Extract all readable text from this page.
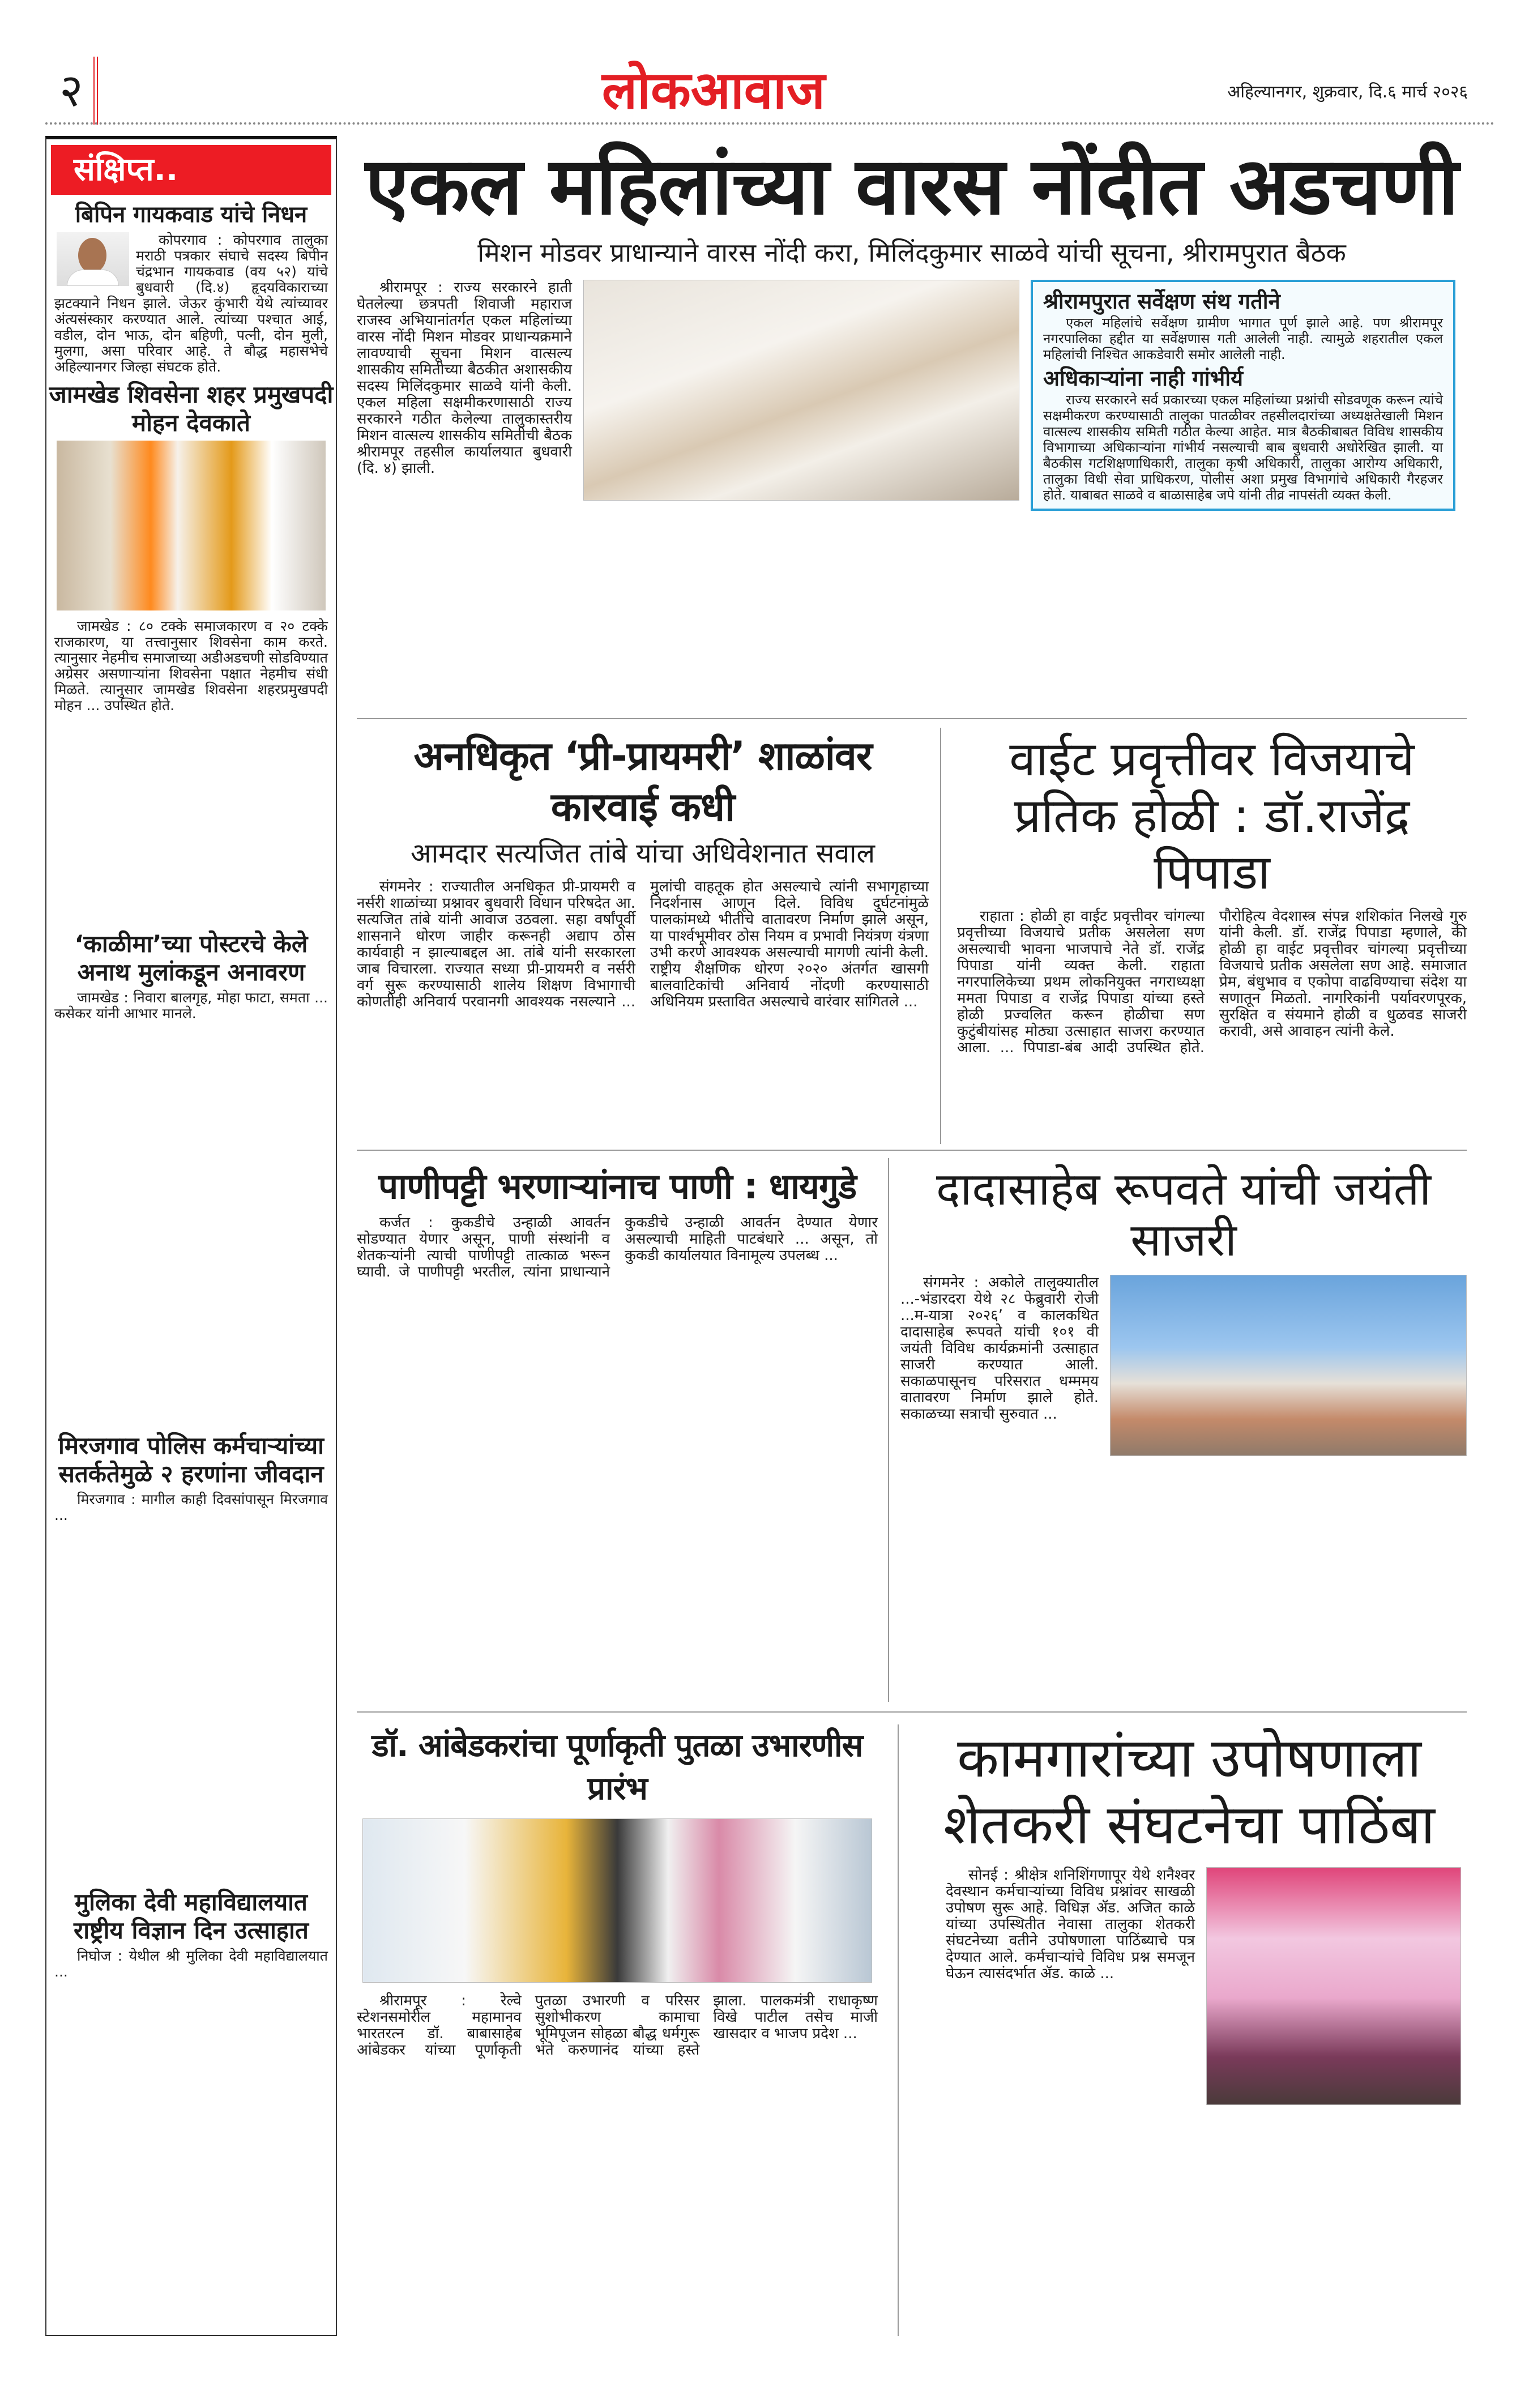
२	लोकआवाज	अहिल्यानगर, शुक्रवार, दि.६ मार्च २०२६
संक्षिप्त..
बिपिन गायकवाड यांचे निधन

कोपरगाव : कोपरगाव तालुका मराठी पत्रकार संघाचे सदस्य बिपीन चंद्रभान गायकवाड (वय ५२) यांचे बुधवारी (दि.४) हृदयविकाराच्या झटक्याने निधन झाले. जेऊर कुंभारी येथे त्यांच्यावर अंत्यसंस्कार करण्यात आले. त्यांच्या पश्चात आई, वडील, दोन भाऊ, दोन बहिणी, पत्नी, दोन मुली, मुलगा, असा परिवार आहे. ते बौद्ध महासभेचे अहिल्यानगर जिल्हा संघटक होते.

जामखेड शिवसेना शहर प्रमुखपदी मोहन देवकाते

जामखेड : ८० टक्के समाजकारण व २० टक्के राजकारण, या तत्त्वानुसार शिवसेना काम करते. त्यानुसार नेहमीच समाजाच्या अडीअडचणी सोडविण्यात अग्रेसर असणाऱ्यांना शिवसेना पक्षात नेहमीच संधी मिळते. त्यानुसार जामखेड शिवसेना शहरप्रमुखपदी मोहन ... उपस्थित होते.

‘काळीमा’च्या पोस्टरचे केले अनाथ मुलांकडून अनावरण

जामखेड : निवारा बालगृह, मोहा फाटा, समता ... कसेकर यांनी आभार मानले.

मिरजगाव पोलिस कर्मचाऱ्यांच्या सतर्कतेमुळे २ हरणांना जीवदान

मिरजगाव : मागील काही दिवसांपासून मिरजगाव ...

मुलिका देवी महाविद्यालयात राष्ट्रीय विज्ञान दिन उत्साहात

निघोज : येथील श्री मुलिका देवी महाविद्यालयात ...

एकल महिलांच्या वारस नोंदीत अडचणी
मिशन मोडवर प्राधान्याने वारस नोंदी करा, मिलिंदकुमार साळवे यांची सूचना, श्रीरामपुरात बैठक
श्रीरामपूर : राज्य सरकारने हाती घेतलेल्या छत्रपती शिवाजी महाराज राजस्व अभियानांतर्गत एकल महिलांच्या वारस नोंदी मिशन मोडवर प्राधान्यक्रमाने लावण्याची सूचना मिशन वात्सल्य शासकीय समितीच्या बैठकीत अशासकीय सदस्य मिलिंदकुमार साळवे यांनी केली. एकल महिला सक्षमीकरणासाठी राज्य सरकारने गठीत केलेल्या तालुकास्तरीय मिशन वात्सल्य शासकीय समितीची बैठक श्रीरामपूर तहसील कार्यालयात बुधवारी (दि. ४) झाली.
श्रीरामपुरात सर्वेक्षण संथ गतीने

एकल महिलांचे सर्वेक्षण ग्रामीण भागात पूर्ण झाले आहे. पण श्रीरामपूर नगरपालिका हद्दीत या सर्वेक्षणास गती आलेली नाही. त्यामुळे शहरातील एकल महिलांची निश्चित आकडेवारी समोर आलेली नाही.

अधिकाऱ्यांना नाही गांभीर्य

राज्य सरकारने सर्व प्रकारच्या एकल महिलांच्या प्रश्नांची सोडवणूक करून त्यांचे सक्षमीकरण करण्यासाठी तालुका पातळीवर तहसीलदारांच्या अध्यक्षतेखाली मिशन वात्सल्य शासकीय समिती गठीत केल्या आहेत. मात्र बैठकीबाबत विविध शासकीय विभागाच्या अधिकाऱ्यांना गांभीर्य नसल्याची बाब बुधवारी अधोरेखित झाली. या बैठकीस गटशिक्षणाधिकारी, तालुका कृषी अधिकारी, तालुका आरोग्य अधिकारी, तालुका विधी सेवा प्राधिकरण, पोलीस अशा प्रमुख विभागांचे अधिकारी गैरहजर होते. याबाबत साळवे व बाळासाहेब जपे यांनी तीव्र नापसंती व्यक्त केली.

अनधिकृत ‘प्री-प्रायमरी’ शाळांवर कारवाई कधी
आमदार सत्यजित तांबे यांचा अधिवेशनात सवाल
संगमनेर : राज्यातील अनधिकृत प्री-प्रायमरी व नर्सरी शाळांच्या प्रश्नावर बुधवारी विधान परिषदेत आ. सत्यजित तांबे यांनी आवाज उठवला. सहा वर्षांपूर्वी शासनाने धोरण जाहीर करूनही अद्याप ठोस कार्यवाही न झाल्याबद्दल आ. तांबे यांनी सरकारला जाब विचारला. राज्यात सध्या प्री-प्रायमरी व नर्सरी वर्ग सुरू करण्यासाठी शालेय शिक्षण विभागाची कोणतीही अनिवार्य परवानगी आवश्यक नसल्याने ... मुलांची वाहतूक होत असल्याचे त्यांनी सभागृहाच्या निदर्शनास आणून दिले. विविध दुर्घटनांमुळे पालकांमध्ये भीतीचे वातावरण निर्माण झाले असून, या पार्श्वभूमीवर ठोस नियम व प्रभावी नियंत्रण यंत्रणा उभी करणे आवश्यक असल्याची मागणी त्यांनी केली. राष्ट्रीय शैक्षणिक धोरण २०२० अंतर्गत खासगी बालवाटिकांची अनिवार्य नोंदणी करण्यासाठी अधिनियम प्रस्तावित असल्याचे वारंवार सांगितले ...
वाईट प्रवृत्तीवर विजयाचे प्रतिक होळी : डॉ.राजेंद्र पिपाडा
राहाता : होळी हा वाईट प्रवृत्तीवर चांगल्या प्रवृत्तीच्या विजयाचे प्रतीक असलेला सण असल्याची भावना भाजपाचे नेते डॉ. राजेंद्र पिपाडा यांनी व्यक्त केली. राहाता नगरपालिकेच्या प्रथम लोकनियुक्त नगराध्यक्षा ममता पिपाडा व राजेंद्र पिपाडा यांच्या हस्ते होळी प्रज्वलित करून होळीचा सण कुटुंबीयांसह मोठ्या उत्साहात साजरा करण्यात आला. ... पिपाडा-बंब आदी उपस्थित होते. पौरोहित्य वेदशास्त्र संपन्न शशिकांत निलखे गुरु यांनी केली. डॉ. राजेंद्र पिपाडा म्हणाले, की होळी हा वाईट प्रवृत्तीवर चांगल्या प्रवृत्तीच्या विजयाचे प्रतीक असलेला सण आहे. समाजात प्रेम, बंधुभाव व एकोपा वाढविण्याचा संदेश या सणातून मिळतो. नागरिकांनी पर्यावरणपूरक, सुरक्षित व संयमाने होळी व धुळवड साजरी करावी, असे आवाहन त्यांनी केले.
पाणीपट्टी भरणाऱ्यांनाच पाणी : धायगुडे
कर्जत : कुकडीचे उन्हाळी आवर्तन सोडण्यात येणार असून, पाणी संस्थांनी व शेतकऱ्यांनी त्याची पाणीपट्टी तात्काळ भरून घ्यावी. जे पाणीपट्टी भरतील, त्यांना प्राधान्याने कुकडीचे उन्हाळी आवर्तन देण्यात येणार असल्याची माहिती पाटबंधारे ... असून, तो कुकडी कार्यालयात विनामूल्य उपलब्ध ...
दादासाहेब रूपवते यांची जयंती साजरी
संगमनेर : अकोले तालुक्यातील ...-भंडारदरा येथे २८ फेब्रुवारी रोजी ...म-यात्रा २०२६’ व कालकथित दादासाहेब रूपवते यांची १०१ वी जयंती विविध कार्यक्रमांनी उत्साहात साजरी करण्यात आली. सकाळपासूनच परिसरात धम्ममय वातावरण निर्माण झाले होते. सकाळच्या सत्राची सुरुवात ...
डॉ. आंबेडकरांचा पूर्णाकृती पुतळा उभारणीस प्रारंभ
श्रीरामपूर : रेल्वे स्टेशनसमोरील महामानव भारतरत्न डॉ. बाबासाहेब आंबेडकर यांच्या पूर्णाकृती पुतळा उभारणी व परिसर सुशोभीकरण कामाचा भूमिपूजन सोहळा बौद्ध धर्मगुरू भंते करुणानंद यांच्या हस्ते झाला. पालकमंत्री राधाकृष्ण विखे पाटील तसेच माजी खासदार व भाजप प्रदेश ...
कामगारांच्या उपोषणाला शेतकरी संघटनेचा पाठिंबा
सोनई : श्रीक्षेत्र शनिशिंगणापूर येथे शनैश्वर देवस्थान कर्मचाऱ्यांच्या विविध प्रश्नांवर साखळी उपोषण सुरू आहे. विधिज्ञ ॲड. अजित काळे यांच्या उपस्थितीत नेवासा तालुका शेतकरी संघटनेच्या वतीने उपोषणाला पाठिंब्याचे पत्र देण्यात आले. कर्मचाऱ्यांचे विविध प्रश्न समजून घेऊन त्यासंदर्भात ॲड. काळे ...
